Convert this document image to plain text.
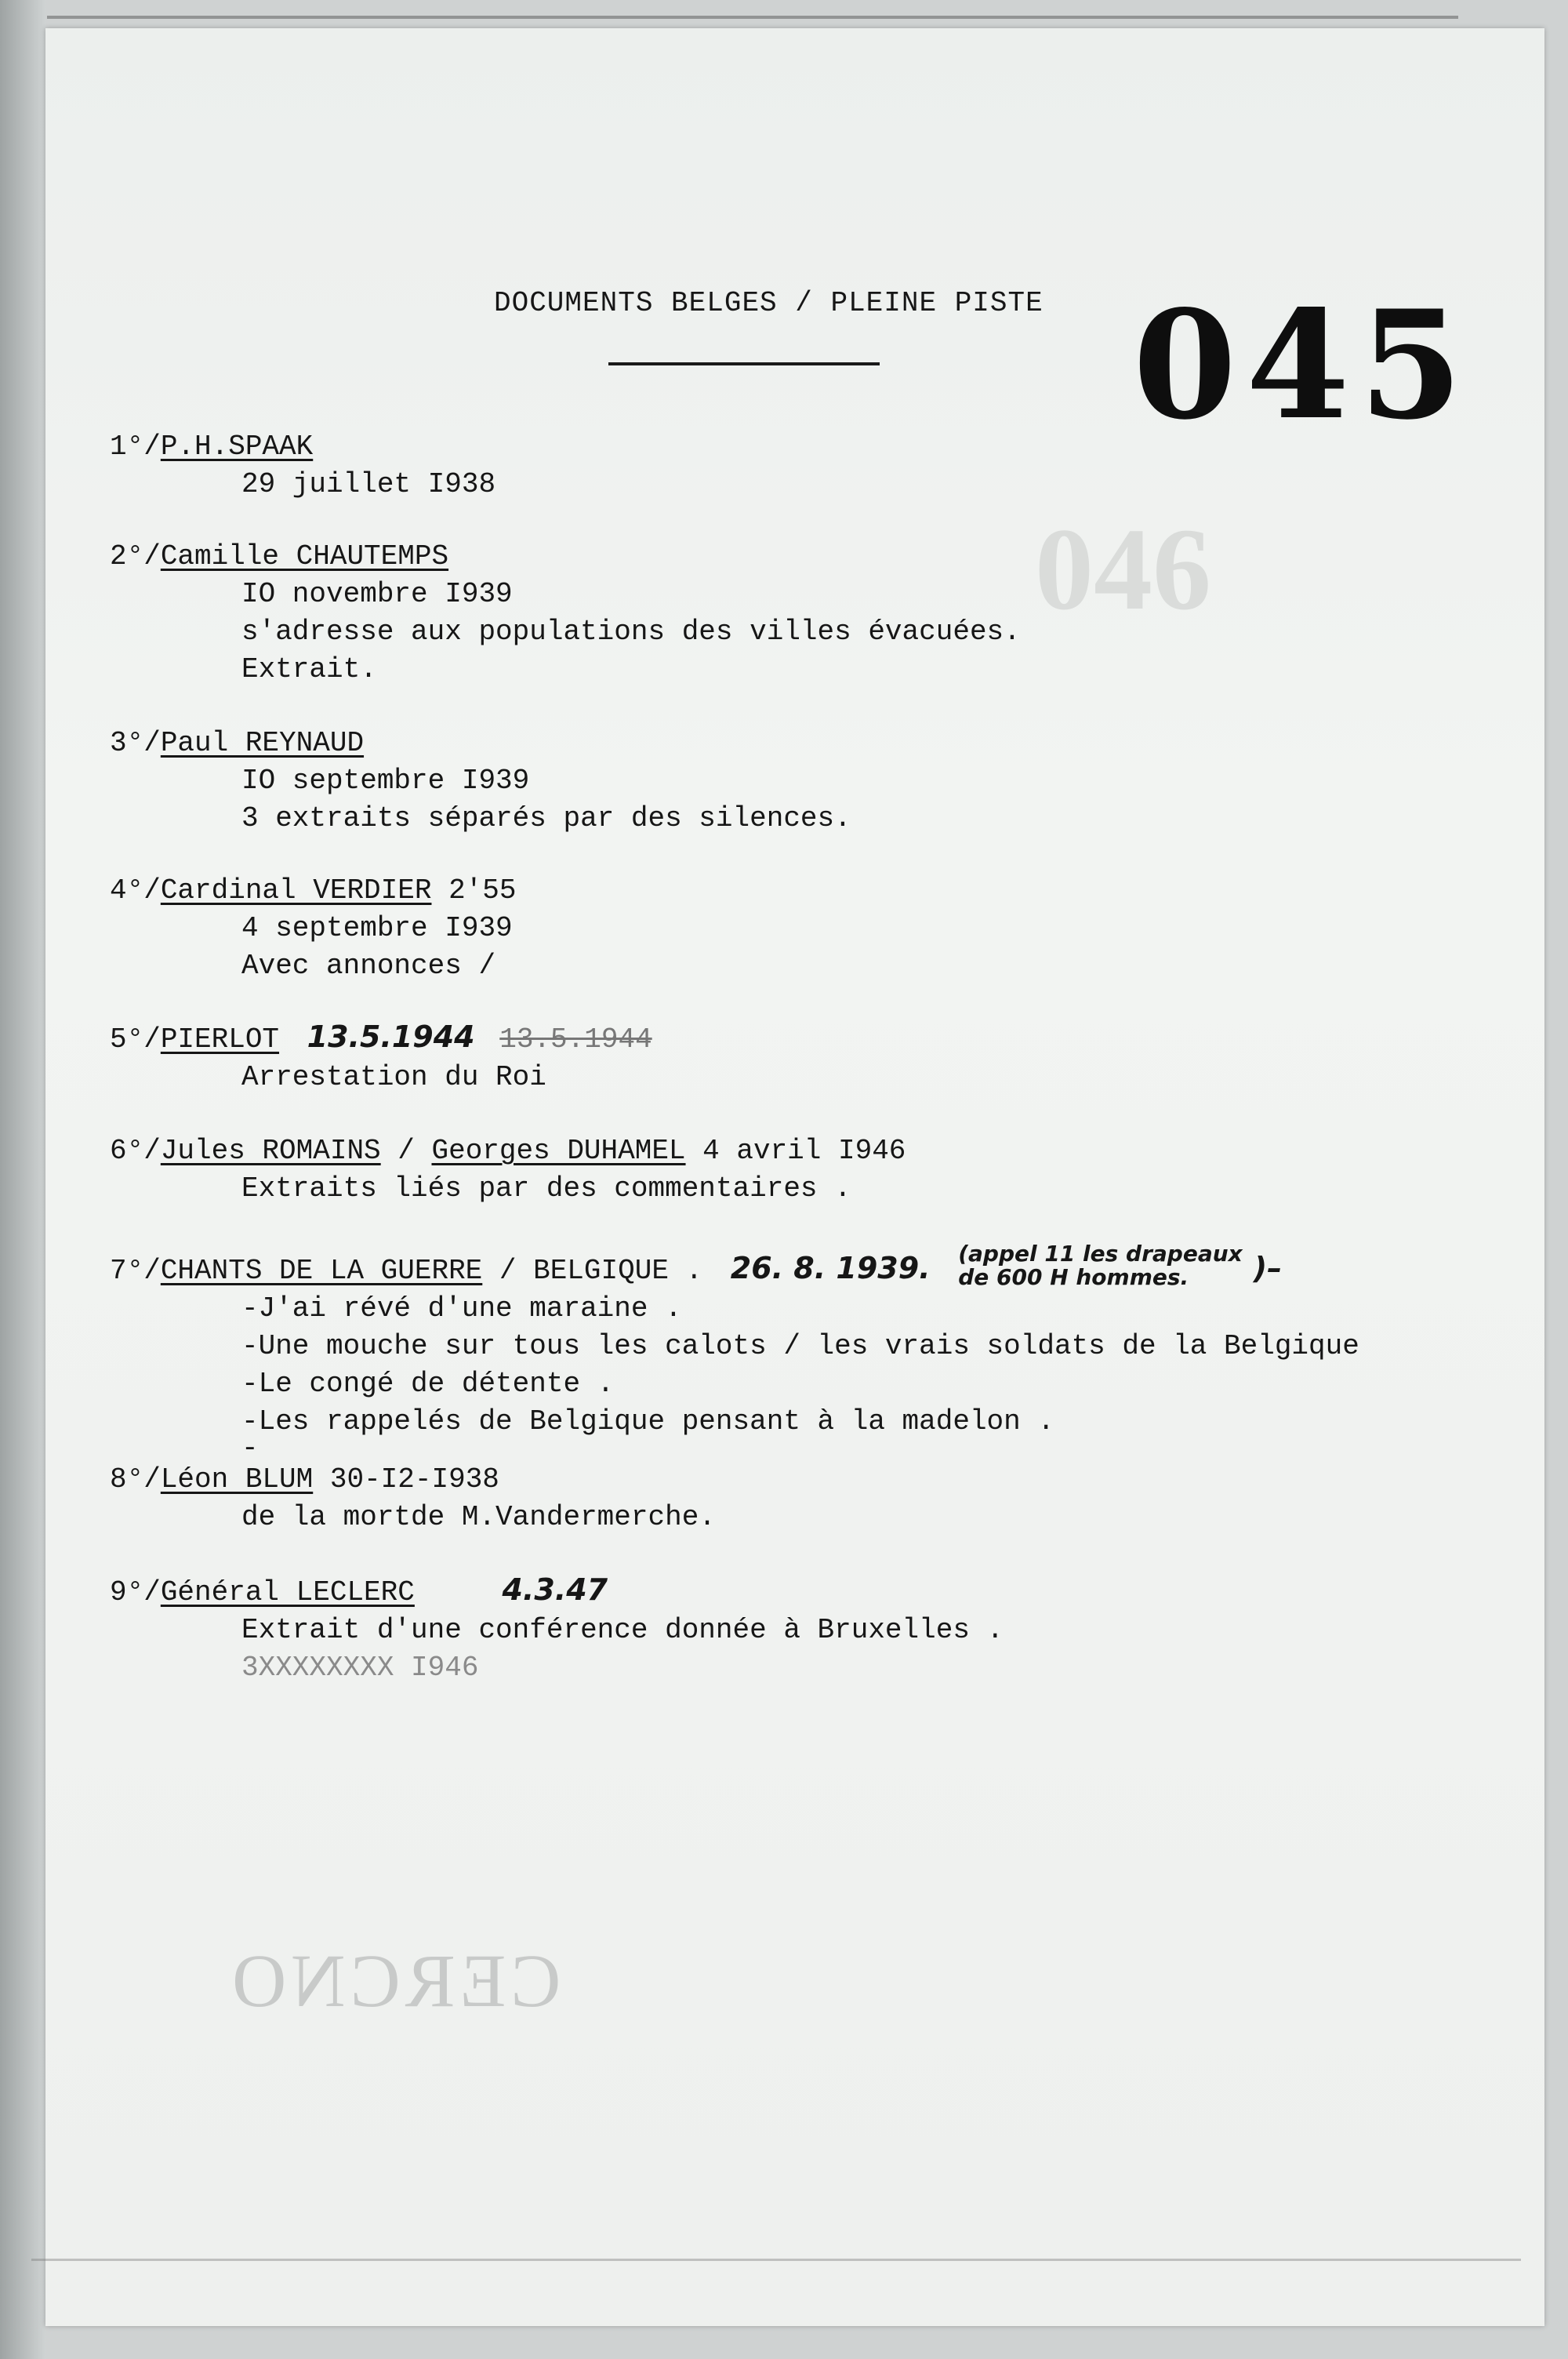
046
CERCNO
DOCUMENTS BELGES / PLEINE PISTE 045
1°/P.H.SPAAK
29 juillet I938
2°/Camille CHAUTEMPS
IO novembre I939
s'adresse aux populations des villes évacuées.
Extrait.
3°/Paul REYNAUD
IO septembre I939
3 extraits séparés par des silences.
4°/Cardinal VERDIER 2'55
4 septembre I939
Avec annonces /
5°/PIERLOT 13.5.1944 13.5.1944
Arrestation du Roi
6°/Jules ROMAINS / Georges DUHAMEL 4 avril I946
Extraits liés par des commentaires .
7°/CHANTS DE LA GUERRE / BELGIQUE . 26. 8. 1939. (appel 11 les drapeaux
de 600 H hommes. )–
-J'ai révé d'une maraine .
-Une mouche sur tous les calots / les vrais soldats de la Belgique
-Le congé de détente .
-Les rappelés de Belgique pensant à la madelon .
-
8°/Léon BLUM 30-I2-I938
de la mortde M.Vandermerche.
9°/Général LECLERC	4.3.47
Extrait d'une conférence donnée à Bruxelles .
3XXXXXXXX I946
